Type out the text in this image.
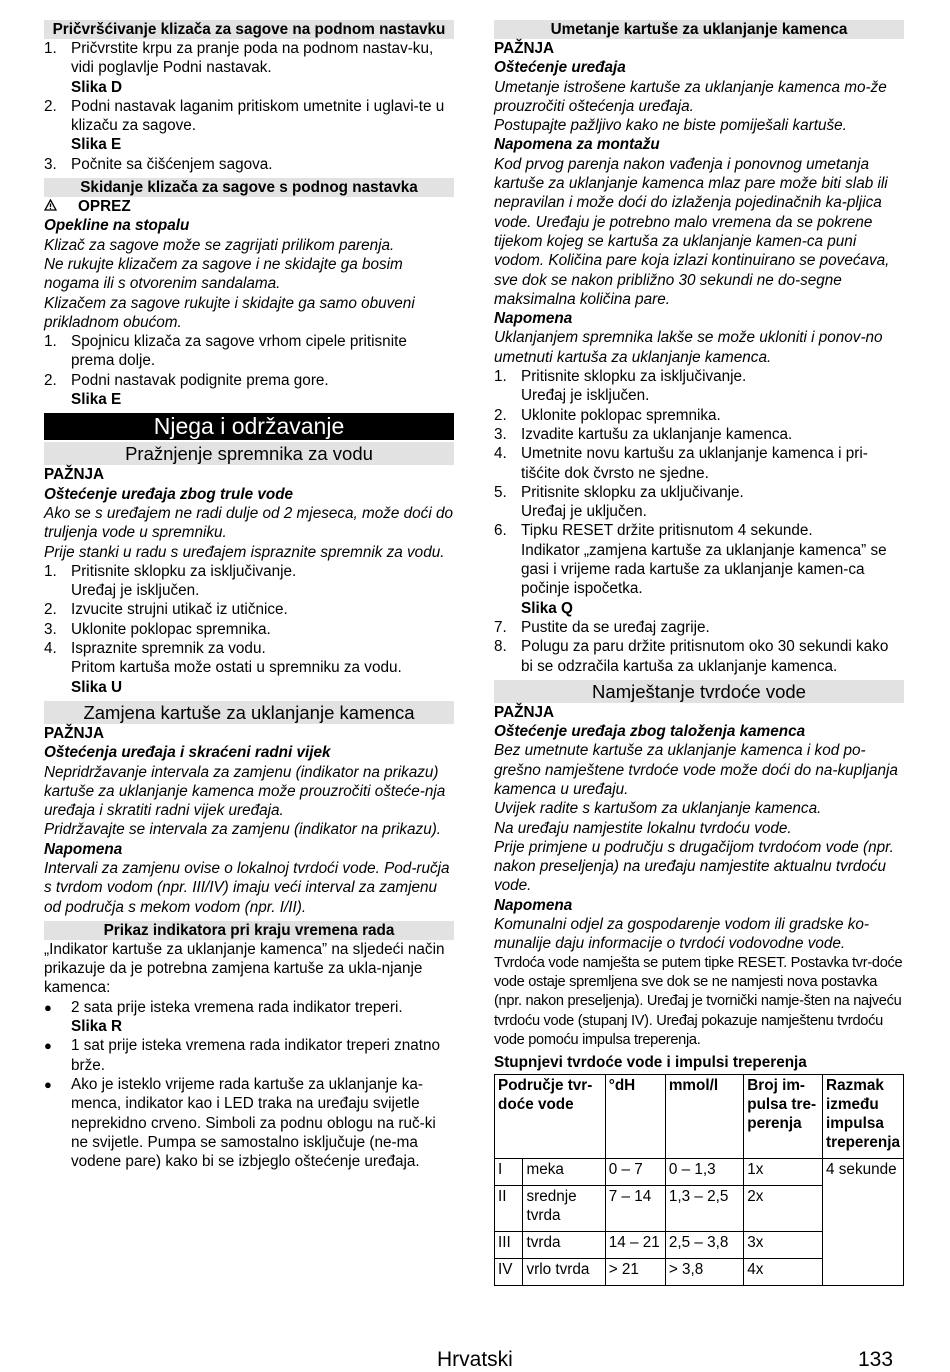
Pričvršćivanje klizača za sagove na podnom nastavku
1. Pričvrstite krpu za pranje poda na podnom nastav-ku, vidi poglavlje Podni nastavak.
Slika D
2. Podni nastavak laganim pritiskom umetnite i uglavi-te u klizaču za sagove.
Slika E
3. Počnite sa čišćenjem sagova.
Skidanje klizača za sagove s podnog nastavka
OPREZ

Opekline na stopalu

Klizač za sagove može se zagrijati prilikom parenja.

Ne rukujte klizačem za sagove i ne skidajte ga bosim nogama ili s otvorenim sandalama.

Klizačem za sagove rukujte i skidajte ga samo obuveni prikladnom obućom.

1. Spojnicu klizača za sagove vrhom cipele pritisnite prema dolje.
2. Podni nastavak podignite prema gore.
Slika E
Njega i održavanje
Pražnjenje spremnika za vodu

PAŽNJA

Oštećenje uređaja zbog trule vode

Ako se s uređajem ne radi dulje od 2 mjeseca, može doći do truljenja vode u spremniku.

Prije stanki u radu s uređajem ispraznite spremnik za vodu.

1. Pritisnite sklopku za isključivanje.
Uređaj je isključen.
2. Izvucite strujni utikač iz utičnice.
3. Uklonite poklopac spremnika.
4. Ispraznite spremnik za vodu.
Pritom kartuša može ostati u spremniku za vodu.
Slika U
Zamjena kartuše za uklanjanje kamenca

PAŽNJA

Oštećenja uređaja i skraćeni radni vijek

Nepridržavanje intervala za zamjenu (indikator na prikazu) kartuše za uklanjanje kamenca može prouzročiti ošteće-nja uređaja i skratiti radni vijek uređaja.

Pridržavajte se intervala za zamjenu (indikator na prikazu).

Napomena

Intervali za zamjenu ovise o lokalnoj tvrdoći vode. Pod-ručja s tvrdom vodom (npr. III/IV) imaju veći interval za zamjenu od područja s mekom vodom (npr. I/II).

Prikaz indikatora pri kraju vremena rada

„Indikator kartuše za uklanjanje kamenca” na sljedeći način prikazuje da je potrebna zamjena kartuše za ukla-njanje kamenca:

●	2 sata prije isteka vremena rada indikator treperi.
Slika R
●	1 sat prije isteka vremena rada indikator treperi znatno brže.
●	Ako je isteklo vrijeme rada kartuše za uklanjanje ka-menca, indikator kao i LED traka na uređaju svijetle neprekidno crveno. Simboli za podnu oblogu na ruč-ki ne svijetle. Pumpa se samostalno isključuje (ne-ma vodene pare) kako bi se izbjeglo oštećenje uređaja.
Umetanje kartuše za uklanjanje kamenca

PAŽNJA

Oštećenje uređaja

Umetanje istrošene kartuše za uklanjanje kamenca mo-že prouzročiti oštećenja uređaja.

Postupajte pažljivo kako ne biste pomiješali kartuše.

Napomena za montažu

Kod prvog parenja nakon vađenja i ponovnog umetanja kartuše za uklanjanje kamenca mlaz pare može biti slab ili nepravilan i može doći do izlaženja pojedinačnih ka-pljica vode. Uređaju je potrebno malo vremena da se pokrene tijekom kojeg se kartuša za uklanjanje kamen-ca puni vodom. Količina pare koja izlazi kontinuirano se povećava, sve dok se nakon približno 30 sekundi ne do-segne maksimalna količina pare.

Napomena

Uklanjanjem spremnika lakše se može ukloniti i ponov-no umetnuti kartuša za uklanjanje kamenca.

1. Pritisnite sklopku za isključivanje.
Uređaj je isključen.
2. Uklonite poklopac spremnika.
3. Izvadite kartušu za uklanjanje kamenca.
4. Umetnite novu kartušu za uklanjanje kamenca i pri-tišćite dok čvrsto ne sjedne.
5. Pritisnite sklopku za uključivanje.
Uređaj je uključen.
6. Tipku RESET držite pritisnutom 4 sekunde.
Indikator „zamjena kartuše za uklanjanje kamenca” se gasi i vrijeme rada kartuše za uklanjanje kamen-ca počinje ispočetka.
Slika Q
7. Pustite da se uređaj zagrije.
8. Polugu za paru držite pritisnutom oko 30 sekundi kako bi se odzračila kartuša za uklanjanje kamenca.
Namještanje tvrdoće vode

PAŽNJA

Oštećenje uređaja zbog taloženja kamenca

Bez umetnute kartuše za uklanjanje kamenca i kod po-grešno namještene tvrdoće vode može doći do na-kupljanja kamenca u uređaju.

Uvijek radite s kartušom za uklanjanje kamenca.

Na uređaju namjestite lokalnu tvrdoću vode.

Prije primjene u području s drugačijom tvrdoćom vode (npr. nakon preseljenja) na uređaju namjestite aktualnu tvrdoću vode.

Napomena

Komunalni odjel za gospodarenje vodom ili gradske ko-munalije daju informacije o tvrdoći vodovodne vode.

Tvrdoća vode namješta se putem tipke RESET. Postavka tvr-doće vode ostaje spremljena sve dok se ne namjesti nova postavka (npr. nakon preseljenja). Uređaj je tvornički namje-šten na najveću tvrdoću vode (stupanj IV). Uređaj pokazuje namještenu tvrdoću vode pomoću impulsa treperenja.

Stupnjevi tvrdoće vode i impulsi treperenja

Područje tvr-doće vode		°dH	mmol/l	Broj im-pulsa tre-perenja	Razmak između impulsa treperenja
I	meka	0 – 7	0 – 1,3	1x	4 sekunde
II	srednje tvrda	7 – 14	1,3 – 2,5	2x	
III	tvrda	14 – 21	2,5 – 3,8	3x	
IV	vrlo tvrda	> 21	> 3,8	4x	
Hrvatski	133
